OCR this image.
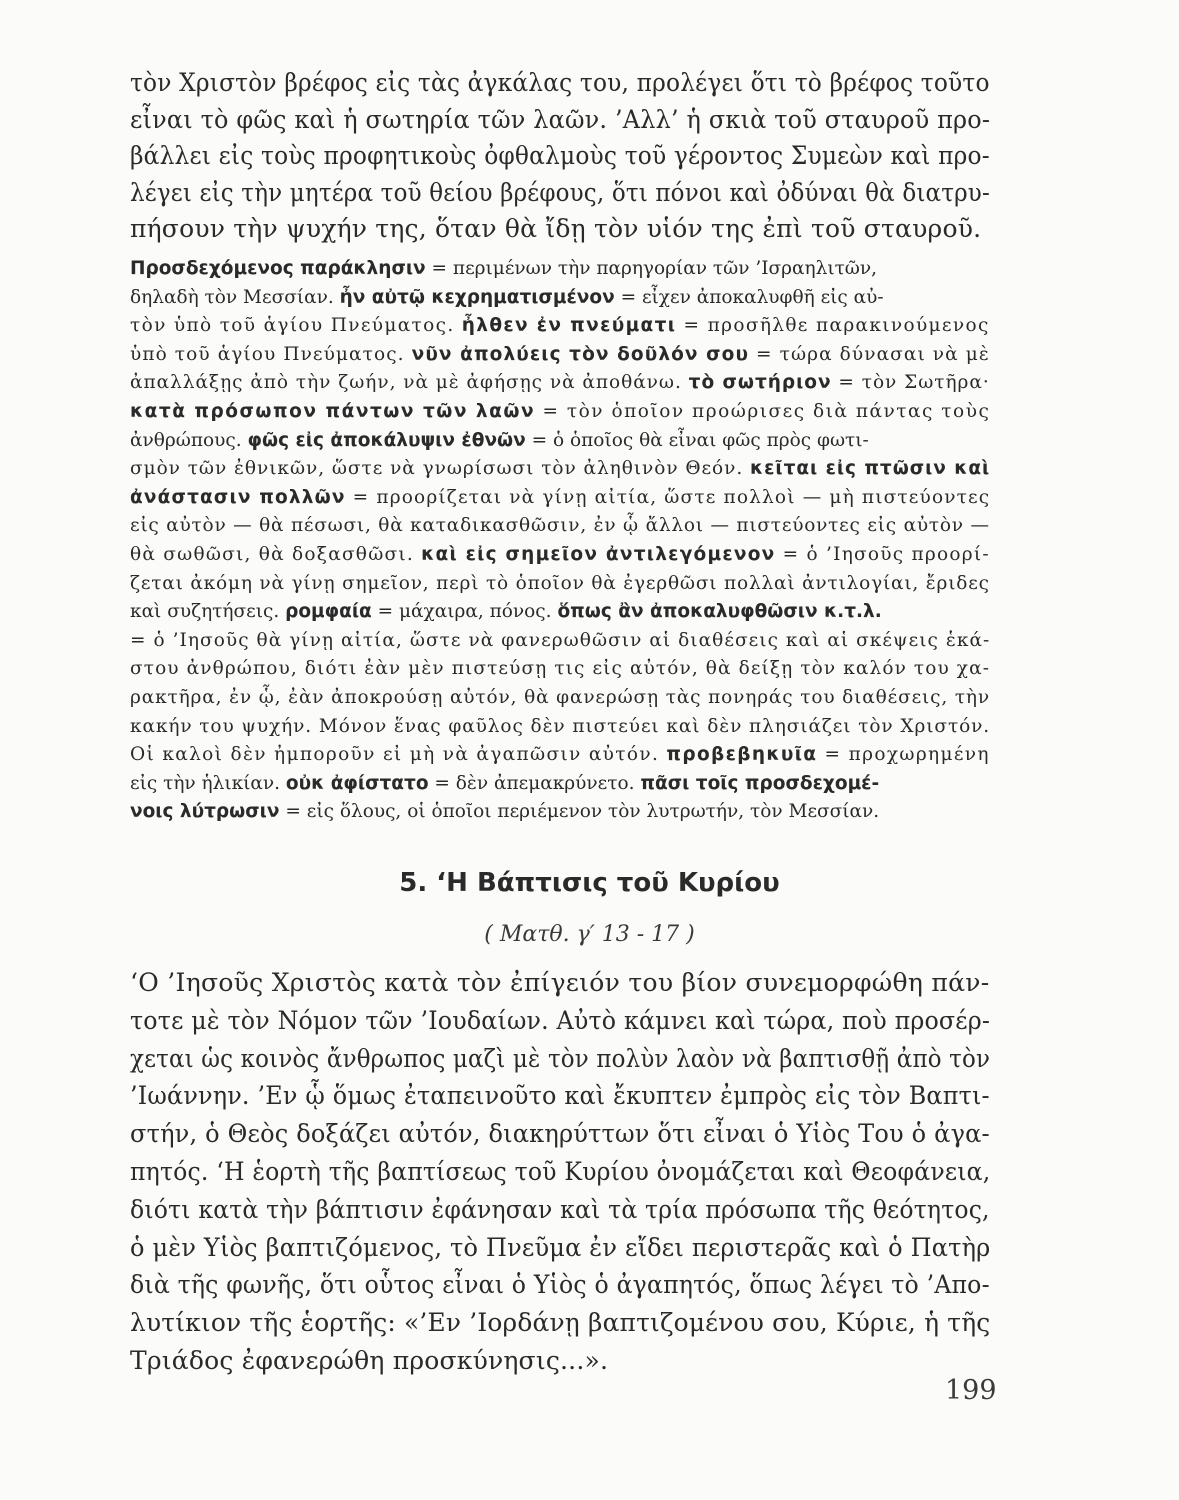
τὸν Χριστὸν βρέφος εἰς τὰς ἀγκάλας του, προλέγει ὅτι τὸ βρέφος τοῦτο
εἶναι τὸ φῶς καὶ ἡ σωτηρία τῶν λαῶν. ’Αλλ’ ἡ σκιὰ τοῦ σταυροῦ προ-
βάλλει εἰς τοὺς προφητικοὺς ὀφθαλμοὺς τοῦ γέροντος Συμεὼν καὶ προ-
λέγει εἰς τὴν μητέρα τοῦ θείου βρέφους, ὅτι πόνοι καὶ ὀδύναι θὰ διατρυ-
πήσουν τὴν ψυχήν της, ὅταν θὰ ἴδῃ τὸν υἱόν της ἐπὶ τοῦ σταυροῦ.
Προσδεχόμενος παράκλησιν = περιμένων τὴν παρηγορίαν τῶν ’Ισραηλιτῶν,
δηλαδὴ τὸν Μεσσίαν. ἦν αὐτῷ κεχρηματισμένον = εἶχεν ἀποκαλυφθῆ εἰς αὐ-
τὸν ὑπὸ τοῦ ἁγίου Πνεύματος. ἦλθεν ἐν πνεύματι = προσῆλθε παρακινούμενος
ὑπὸ τοῦ ἁγίου Πνεύματος. νῦν ἀπολύεις τὸν δοῦλόν σου = τώρα δύνασαι νὰ μὲ
ἀπαλλάξῃς ἀπὸ τὴν ζωήν, νὰ μὲ ἀφήσῃς νὰ ἀποθάνω. τὸ σωτήριον = τὸν Σωτῆρα·
κατὰ πρόσωπον πάντων τῶν λαῶν = τὸν ὁποῖον προώρισες διὰ πάντας τοὺς
ἀνθρώπους. φῶς εἰς ἀποκάλυψιν ἐθνῶν = ὁ ὁποῖος θὰ εἶναι φῶς πρὸς φωτι-
σμὸν τῶν ἐθνικῶν, ὥστε νὰ γνωρίσωσι τὸν ἀληθινὸν Θεόν. κεῖται εἰς πτῶσιν καὶ
ἀνάστασιν πολλῶν = προορίζεται νὰ γίνῃ αἰτία, ὥστε πολλοὶ — μὴ πιστεύοντες
εἰς αὐτὸν — θὰ πέσωσι, θὰ καταδικασθῶσιν, ἐν ᾧ ἄλλοι — πιστεύοντες εἰς αὐτὸν —
θὰ σωθῶσι, θὰ δοξασθῶσι. καὶ εἰς σημεῖον ἀντιλεγόμενον = ὁ ’Ιησοῦς προορί-
ζεται ἀκόμη νὰ γίνῃ σημεῖον, περὶ τὸ ὁποῖον θὰ ἐγερθῶσι πολλαὶ ἀντιλογίαι, ἔριδες
καὶ συζητήσεις. ρομφαία = μάχαιρα, πόνος. ὅπως ἂν ἀποκαλυφθῶσιν κ.τ.λ.
= ὁ ’Ιησοῦς θὰ γίνῃ αἰτία, ὥστε νὰ φανερωθῶσιν αἱ διαθέσεις καὶ αἱ σκέψεις ἑκά-
στου ἀνθρώπου, διότι ἐὰν μὲν πιστεύσῃ τις εἰς αὐτόν, θὰ δείξῃ τὸν καλόν του χα-
ρακτῆρα, ἐν ᾧ, ἐὰν ἀποκρούσῃ αὐτόν, θὰ φανερώσῃ τὰς πονηράς του διαθέσεις, τὴν
κακήν του ψυχήν. Μόνον ἕνας φαῦλος δὲν πιστεύει καὶ δὲν πλησιάζει τὸν Χριστόν.
Οἱ καλοὶ δὲν ἠμποροῦν εἰ μὴ νὰ ἀγαπῶσιν αὐτόν. προβεβηκυῖα = προχωρημένη
εἰς τὴν ἡλικίαν. οὐκ ἀφίστατο = δὲν ἀπεμακρύνετο. πᾶσι τοῖς προσδεχομέ-
νοις λύτρωσιν = εἰς ὅλους, οἱ ὁποῖοι περιέμενον τὸν λυτρωτήν, τὸν Μεσσίαν.
5. ‘Η Βάπτισις τοῦ Κυρίου
( Ματθ. γ′ 13 - 17 )
‘Ο ’Ιησοῦς Χριστὸς κατὰ τὸν ἐπίγειόν του βίον συνεμορφώθη πάν-
τοτε μὲ τὸν Νόμον τῶν ’Ιουδαίων. Αὐτὸ κάμνει καὶ τώρα, ποὺ προσέρ-
χεται ὡς κοινὸς ἄνθρωπος μαζὶ μὲ τὸν πολὺν λαὸν νὰ βαπτισθῇ ἀπὸ τὸν
’Ιωάννην. ’Εν ᾧ ὅμως ἐταπεινοῦτο καὶ ἔκυπτεν ἐμπρὸς εἰς τὸν Βαπτι-
στήν, ὁ Θεὸς δοξάζει αὐτόν, διακηρύττων ὅτι εἶναι ὁ Υἱὸς Του ὁ ἀγα-
πητός. ‘Η ἑορτὴ τῆς βαπτίσεως τοῦ Κυρίου ὀνομάζεται καὶ Θεοφάνεια,
διότι κατὰ τὴν βάπτισιν ἐφάνησαν καὶ τὰ τρία πρόσωπα τῆς θεότητος,
ὁ μὲν Υἱὸς βαπτιζόμενος, τὸ Πνεῦμα ἐν εἴδει περιστερᾶς καὶ ὁ Πατὴρ
διὰ τῆς φωνῆς, ὅτι οὗτος εἶναι ὁ Υἱὸς ὁ ἀγαπητός, ὅπως λέγει τὸ ’Απο-
λυτίκιον τῆς ἑορτῆς: «’Εν ’Ιορδάνῃ βαπτιζομένου σου, Κύριε, ἡ τῆς
Τριάδος ἐφανερώθη προσκύνησις...».
199
